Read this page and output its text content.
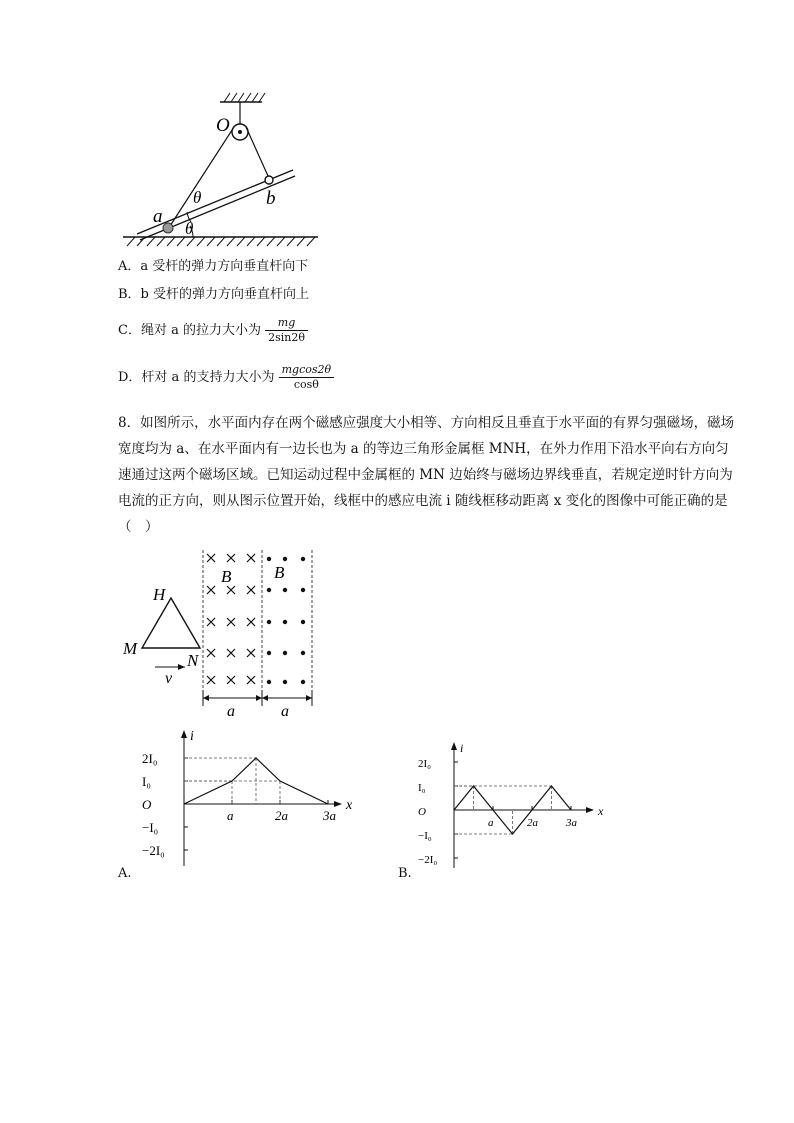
O
b
a
θ
θ
A．a 受杆的弹力方向垂直杆向下
B．b 受杆的弹力方向垂直杆向上
C．绳对 a 的拉力大小为 $\frac{mg}{2\sin 2\theta}$
D．杆对 a 的支持力大小为 $\frac{mgcos2\theta}{\cos\theta}$
8．如图所示，水平面内存在两个磁感应强度大小相等、方向相反且垂直于水平面的有界匀强磁场，磁场宽度均为 a、在水平面内有一边长也为 a 的等边三角形金属框 MNH，在外力作用下沿水平向右方向匀速通过这两个磁场区域。已知运动过程中金属框的 MN 边始终与磁场边界线垂直，若规定逆时针方向为电流的正方向，则从图示位置开始，线框中的感应电流 i 随线框移动距离 x 变化的图像中可能正确的是（　）
B	B
H
M
N
v
a	a
A.
i
x
2I₀
I₀
O
−I₀
−2I₀
a	2a	3a
B.
i
x
2I₀
I₀
O
−I₀
−2I₀
a	2a	3a
